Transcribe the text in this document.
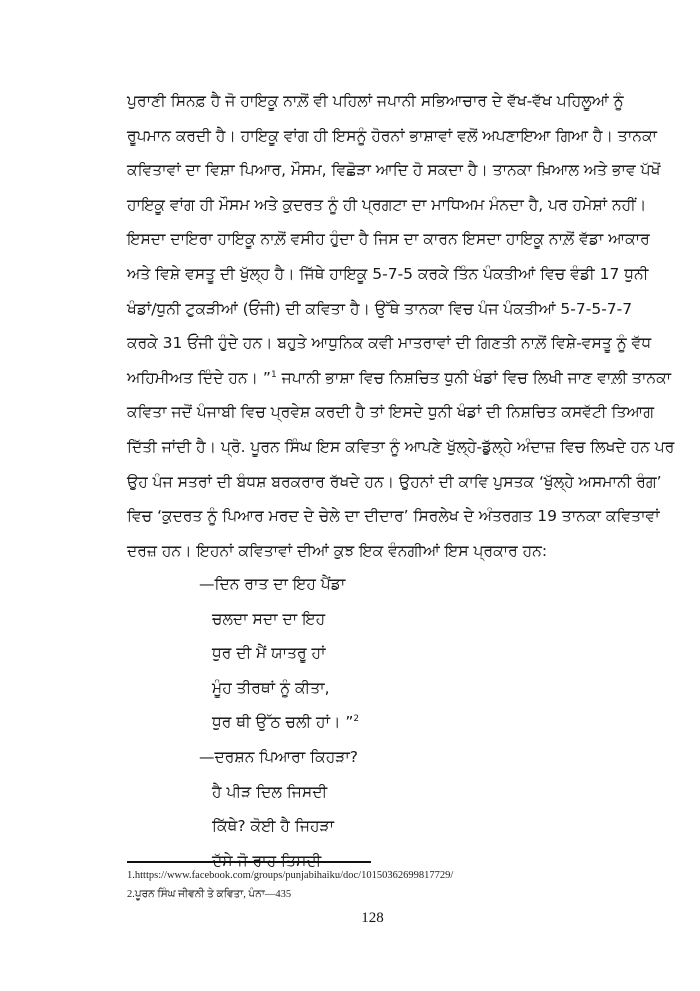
ਪੁਰਾਣੀ ਸਿਨਫ਼ ਹੈ ਜੋ ਹਾਇਕੂ ਨਾਲ਼ੋਂ ਵੀ ਪਹਿਲਾਂ ਜਪਾਨੀ ਸਭਿਆਚਾਰ ਦੇ ਵੱਖ-ਵੱਖ ਪਹਿਲੂਆਂ ਨੂੰ
ਰੂਪਮਾਨ ਕਰਦੀ ਹੈ। ਹਾਇਕੂ ਵਾਂਗ ਹੀ ਇਸਨੂੰ ਹੋਰਨਾਂ ਭਾਸ਼ਾਵਾਂ ਵਲੋਂ ਅਪਣਾਇਆ ਗਿਆ ਹੈ। ਤਾਨਕਾ
ਕਵਿਤਾਵਾਂ ਦਾ ਵਿਸ਼ਾ ਪਿਆਰ, ਮੌਸਮ, ਵਿਛੋੜਾ ਆਦਿ ਹੋ ਸਕਦਾ ਹੈ। ਤਾਨਕਾ ਖ਼ਿਆਲ ਅਤੇ ਭਾਵ ਪੱਖੋਂ
ਹਾਇਕੂ ਵਾਂਗ ਹੀ ਮੌਸਮ ਅਤੇ ਕੁਦਰਤ ਨੂੰ ਹੀ ਪ੍ਰਗਟਾ ਦਾ ਮਾਧਿਅਮ ਮੰਨਦਾ ਹੈ, ਪਰ ਹਮੇਸ਼ਾਂ ਨਹੀਂ।
ਇਸਦਾ ਦਾਇਰਾ ਹਾਇਕੂ ਨਾਲ਼ੋਂ ਵਸੀਹ ਹੁੰਦਾ ਹੈ ਜਿਸ ਦਾ ਕਾਰਨ ਇਸਦਾ ਹਾਇਕੂ ਨਾਲ਼ੋਂ ਵੱਡਾ ਆਕਾਰ
ਅਤੇ ਵਿਸ਼ੇ ਵਸਤੂ ਦੀ ਖੁੱਲ੍ਹ ਹੈ। ਜਿੱਥੇ ਹਾਇਕੂ 5-7-5 ਕਰਕੇ ਤਿੰਨ ਪੰਕਤੀਆਂ ਵਿਚ ਵੰਡੀ 17 ਧੁਨੀ
ਖੰਡਾਂ/ਧੁਨੀ ਟੁਕੜੀਆਂ (ਓਂਜੀ) ਦੀ ਕਵਿਤਾ ਹੈ। ਉੱਥੇ ਤਾਨਕਾ ਵਿਚ ਪੰਜ ਪੰਕਤੀਆਂ 5-7-5-7-7
ਕਰਕੇ 31 ਓਂਜੀ ਹੁੰਦੇ ਹਨ। ਬਹੁਤੇ ਆਧੁਨਿਕ ਕਵੀ ਮਾਤਰਾਵਾਂ ਦੀ ਗਿਣਤੀ ਨਾਲ਼ੋਂ ਵਿਸ਼ੇ-ਵਸਤੂ ਨੂੰ ਵੱਧ
ਅਹਿਮੀਅਤ ਦਿੰਦੇ ਹਨ। ”$^1$ ਜਪਾਨੀ ਭਾਸ਼ਾ ਵਿਚ ਨਿਸ਼ਚਿਤ ਧੁਨੀ ਖੰਡਾਂ ਵਿਚ ਲਿਖੀ ਜਾਣ ਵਾਲ਼ੀ ਤਾਨਕਾ
ਕਵਿਤਾ ਜਦੋਂ ਪੰਜਾਬੀ ਵਿਚ ਪ੍ਰਵੇਸ਼ ਕਰਦੀ ਹੈ ਤਾਂ ਇਸਦੇ ਧੁਨੀ ਖੰਡਾਂ ਦੀ ਨਿਸ਼ਚਿਤ ਕਸਵੱਟੀ ਤਿਆਗ
ਦਿੱਤੀ ਜਾਂਦੀ ਹੈ। ਪ੍ਰੋ. ਪੂਰਨ ਸਿੰਘ ਇਸ ਕਵਿਤਾ ਨੂੰ ਆਪਣੇ ਖੁੱਲ੍ਹੇ-ਡੁੱਲ੍ਹੇ ਅੰਦਾਜ਼ ਵਿਚ ਲਿਖਦੇ ਹਨ ਪਰ
ਉਹ ਪੰਜ ਸਤਰਾਂ ਦੀ ਬੰਧਸ਼ ਬਰਕਰਾਰ ਰੱਖਦੇ ਹਨ। ਉਹਨਾਂ ਦੀ ਕਾਵਿ ਪੁਸਤਕ ‘ਖੁੱਲ੍ਹੇ ਅਸਮਾਨੀ ਰੰਗ’
ਵਿਚ ‘ਕੁਦਰਤ ਨੂੰ ਪਿਆਰ ਮਰਦ ਦੇ ਚੇਲੇ ਦਾ ਦੀਦਾਰ’ ਸਿਰਲੇਖ ਦੇ ਅੰਤਰਗਤ 19 ਤਾਨਕਾ ਕਵਿਤਾਵਾਂ
ਦਰਜ਼ ਹਨ। ਇਹਨਾਂ ਕਵਿਤਾਵਾਂ ਦੀਆਂ ਕੁਝ ਇਕ ਵੰਨਗੀਆਂ ਇਸ ਪ੍ਰਕਾਰ ਹਨ:
—ਦਿਨ ਰਾਤ ਦਾ ਇਹ ਪੈਂਡਾ
ਚਲਦਾ ਸਦਾ ਦਾ ਇਹ
ਧੁਰ ਦੀ ਮੈਂ ਯਾਤਰੂ ਹਾਂ
ਮੂੰਹ ਤੀਰਥਾਂ ਨੂੰ ਕੀਤਾ,
ਧੁਰ ਥੀ ਉੱਠ ਚਲੀ ਹਾਂ। ”$^2$
—ਦਰਸ਼ਨ ਪਿਆਰਾ ਕਿਹੜਾ?
ਹੈ ਪੀੜ ਦਿਲ ਜਿਸਦੀ
ਕਿੱਥੇ? ਕੋਈ ਹੈ ਜਿਹੜਾ
ਦੱਸੇ ਜੋ ਰਾਹ ਤਿਸਦੀ
1.htttps://www.facebook.com/groups/punjabihaiku/doc/10150362699817729/
2.ਪੂਰਨ ਸਿੰਘ ਜੀਵਨੀ ਤੇ ਕਵਿਤਾ, ਪੰਨਾ—435
128
